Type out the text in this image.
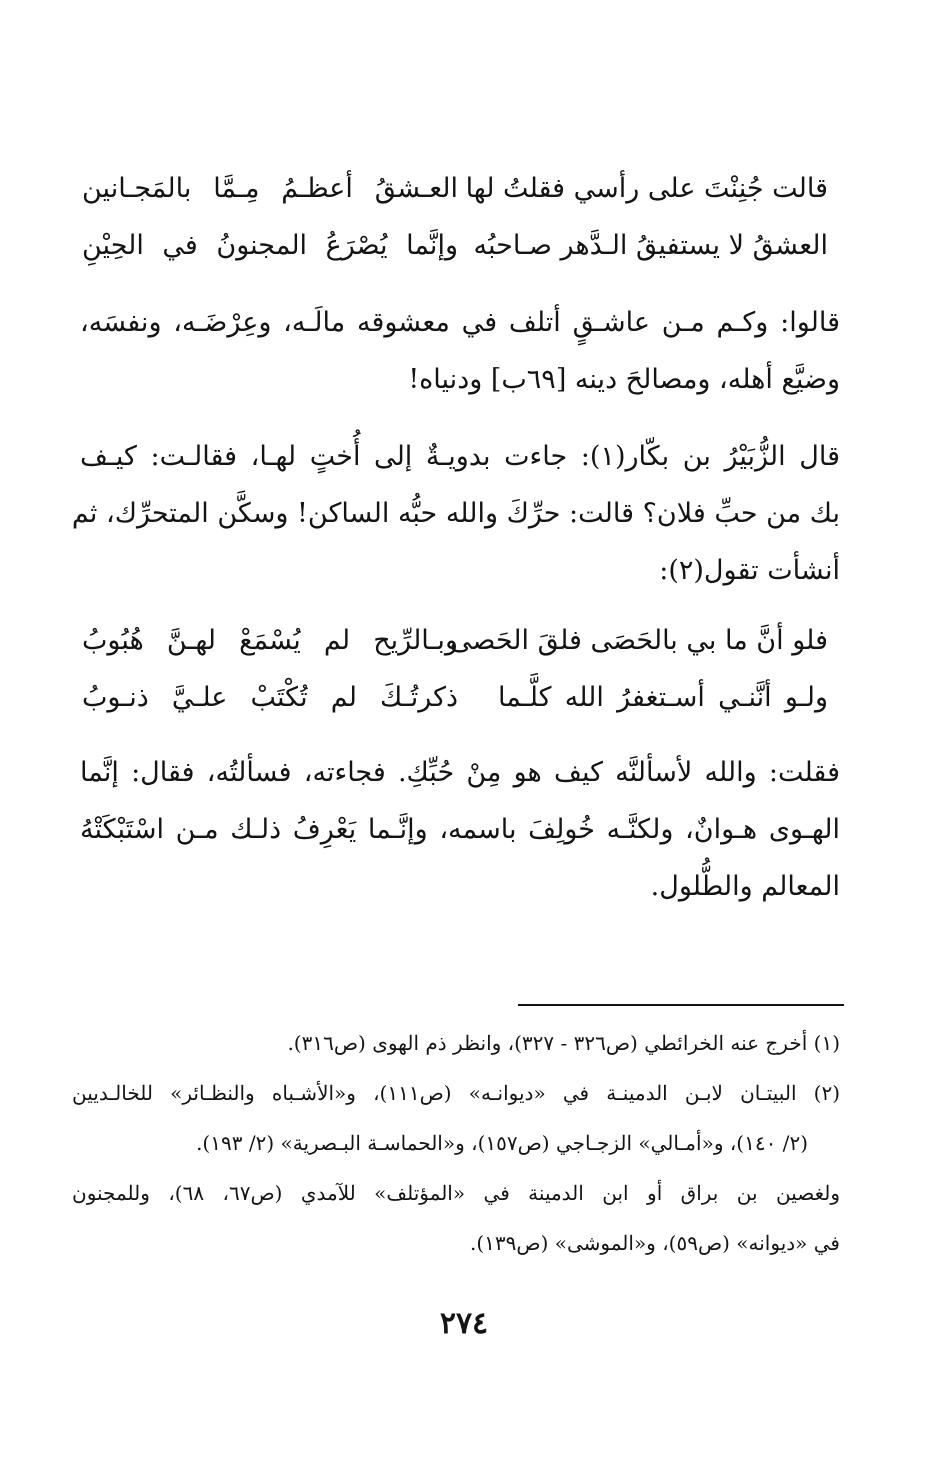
قالت جُنِنْتَ على رأسي فقلتُ لها
العـشقُ أعظـمُ مِـمَّا بالمَجـانين
العشقُ لا يستفيقُ الـدَّهر صـاحبُه
وإنَّما يُصْرَعُ المجنونُ في الحِيْنِ
قالوا: وكـم مـن عاشـقٍ أتلف في معشوقه مالَـه، وعِرْضَـه، ونفسَه،
وضيَّع أهله، ومصالحَ دينه [٦٩ب] ودنياه!
قال الزُّبَيْرُ بن بكّار(١): جاءت بدويـةٌ إلى أُختٍ لهـا، فقالـت: كيـف
بك من حبِّ فلان؟ قالت: حرِّكَ والله حبُّه الساكن! وسكَّن المتحرِّك، ثم
أنشأت تقول(٢):
فلو أنَّ ما بي بالحَصَى فلقَ الحَصى
وبـالرِّيح لم يُسْمَعْ لهـنَّ هُبُوبُ
ولـو أنَّنـي أسـتغفرُ الله كلَّـما
ذكرتُـكَ لم تُكْتَبْ علـيَّ ذنـوبُ
فقلت: والله لأسألنَّه كيف هو مِنْ حُبِّكِ. فجاءته، فسألتُه، فقال: إنَّما
الهـوى هـوانٌ، ولكنَّـه خُولِفَ باسمه، وإنَّـما يَعْرِفُ ذلـك مـن اسْتَبْكَتْهُ
المعالم والطُّلول.
(١) أخرج عنه الخرائطي (ص٣٢٦ - ٣٢٧)، وانظر ذم الهوى (ص٣١٦).
(٢) البيتـان لابـن الدمينـة في «ديوانـه» (ص١١١)، و«الأشـباه والنظـائر» للخالـديين
(٢/ ١٤٠)، و«أمـالي» الزجـاجي (ص١٥٧)، و«الحماسـة البـصرية» (٢/ ١٩٣).
ولغصين بن براق أو ابن الدمينة في «المؤتلف» للآمدي (ص٦٧، ٦٨)، وللمجنون
في «ديوانه» (ص٥٩)، و«الموشى» (ص١٣٩).
٢٧٤
